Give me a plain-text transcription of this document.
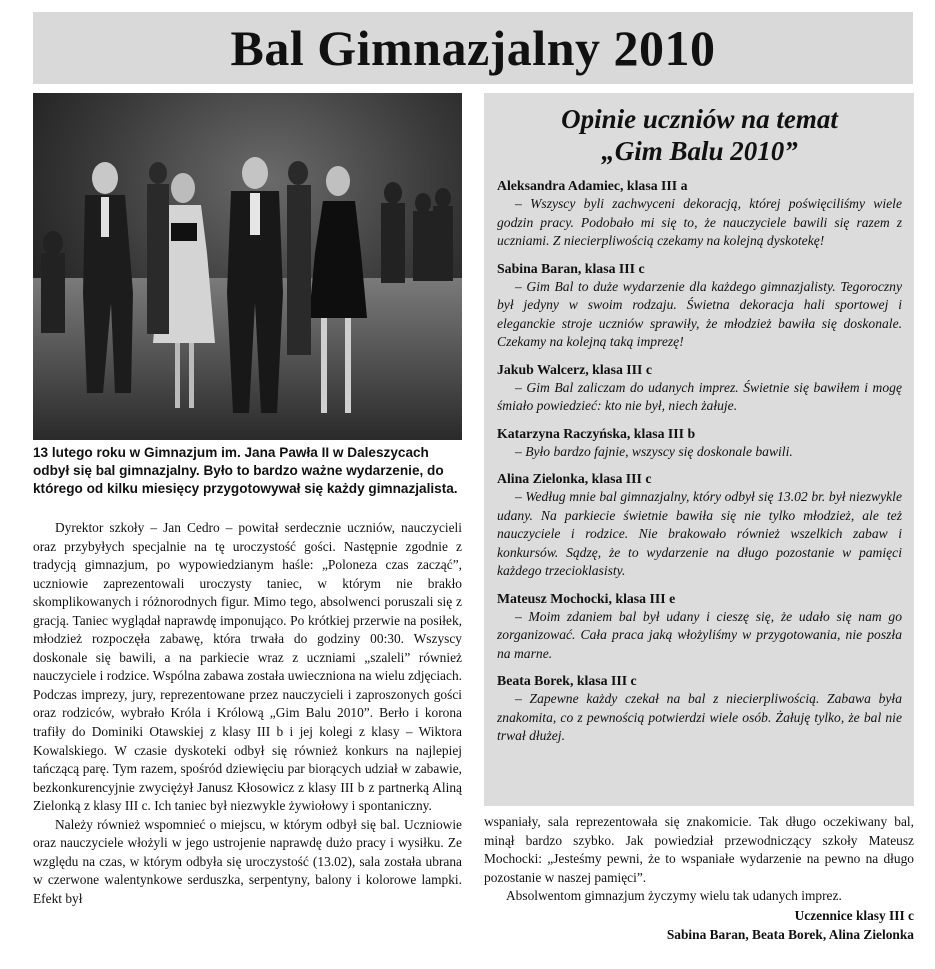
Bal Gimnazjalny 2010
13 lutego roku w Gimnazjum im. Jana Pawła II w Daleszycach odbył się bal gimnazjalny. Było to bardzo ważne wydarzenie, do którego od kilku miesięcy przygotowywał się każdy gimnazjalista.

Dyrektor szkoły – Jan Cedro – powitał serdecznie uczniów, nauczycieli oraz przybyłych specjalnie na tę uroczystość gości. Następnie zgodnie z tradycją gimnazjum, po wypowiedzianym haśle: „Poloneza czas zacząć”, uczniowie zaprezentowali uroczysty taniec, w którym nie brakło skomplikowanych i różnorodnych figur. Mimo tego, absolwenci poruszali się z gracją. Taniec wyglądał naprawdę imponująco. Po krótkiej przerwie na posiłek, młodzież rozpoczęła zabawę, która trwała do godziny 00:30. Wszyscy doskonale się bawili, a na parkiecie wraz z uczniami „szaleli” również nauczyciele i rodzice. Wspólna zabawa została uwieczniona na wielu zdjęciach. Podczas imprezy, jury, reprezentowane przez nauczycieli i zaproszonych gości oraz rodziców, wybrało Króla i Królową „Gim Balu 2010”. Berło i korona trafiły do Dominiki Otawskiej z klasy III b i jej kolegi z klasy – Wiktora Kowalskiego. W czasie dyskoteki odbył się również konkurs na najlepiej tańczącą parę. Tym razem, spośród dziewięciu par biorących udział w zabawie, bezkonkurencyjnie zwyciężył Janusz Kłosowicz z klasy III b z partnerką Aliną Zielonką z klasy III c. Ich taniec był niezwykle żywiołowy i spontaniczny.

Należy również wspomnieć o miejscu, w którym odbył się bal. Uczniowie oraz nauczyciele włożyli w jego ustrojenie naprawdę dużo pracy i wysiłku. Ze względu na czas, w którym odbyła się uroczystość (13.02), sala została ubrana w czerwone walentynkowe serduszka, serpentyny, balony i kolorowe lampki. Efekt był

Opinie uczniów na temat
„Gim Balu 2010”
Aleksandra Adamiec, klasa III a
– Wszyscy byli zachwyceni dekoracją, której poświęciliśmy wiele godzin pracy. Podobało mi się to, że nauczyciele bawili się razem z uczniami. Z niecierpliwością czekamy na kolejną dyskotekę!
Sabina Baran, klasa III c
– Gim Bal to duże wydarzenie dla każdego gimnazjalisty. Tegoroczny był jedyny w swoim rodzaju. Świetna dekoracja hali sportowej i eleganckie stroje uczniów sprawiły, że młodzież bawiła się doskonale. Czekamy na kolejną taką imprezę!
Jakub Walcerz, klasa III c
– Gim Bal zaliczam do udanych imprez. Świetnie się bawiłem i mogę śmiało powiedzieć: kto nie był, niech żałuje.
Katarzyna Raczyńska, klasa III b
– Było bardzo fajnie, wszyscy się doskonale bawili.
Alina Zielonka, klasa III c
– Według mnie bal gimnazjalny, który odbył się 13.02 br. był niezwykle udany. Na parkiecie świetnie bawiła się nie tylko młodzież, ale też nauczyciele i rodzice. Nie brakowało również wszelkich zabaw i konkursów. Sądzę, że to wydarzenie na długo pozostanie w pamięci każdego trzecioklasisty.
Mateusz Mochocki, klasa III e
– Moim zdaniem bal był udany i cieszę się, że udało się nam go zorganizować. Cała praca jaką włożyliśmy w przygotowania, nie poszła na marne.
Beata Borek, klasa III c
– Zapewne każdy czekał na bal z niecierpliwością. Zabawa była znakomita, co z pewnością potwierdzi wiele osób. Żałuję tylko, że bal nie trwał dłużej.

wspaniały, sala reprezentowała się znakomicie. Tak długo oczekiwany bal, minął bardzo szybko. Jak powiedział przewodniczący szkoły Mateusz Mochocki: „Jesteśmy pewni, że to wspaniałe wydarzenie na pewno na długo pozostanie w naszej pamięci”.

Absolwentom gimnazjum życzymy wielu tak udanych imprez.

Uczennice klasy III c
Sabina Baran, Beata Borek, Alina Zielonka
